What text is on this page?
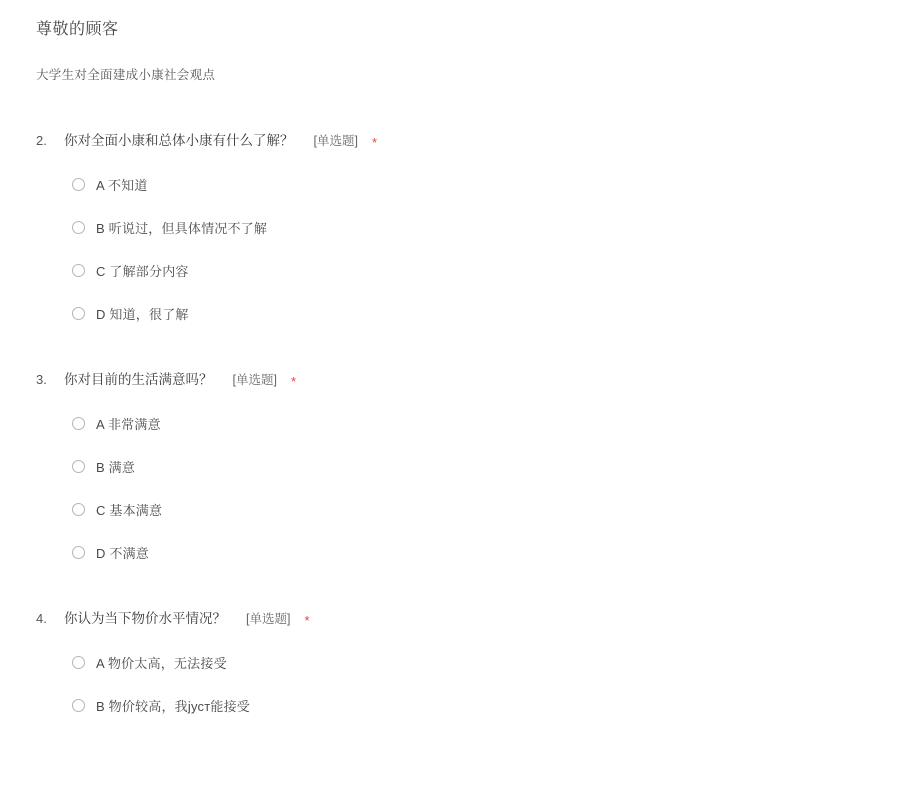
尊敬的顾客
大学生对全面建成小康社会观点
2.	你对全面小康和总体小康有什么了解？ [单选题] *
A 不知道
B 听说过，但具体情况不了解
C 了解部分内容
D 知道，很了解
3.	你对目前的生活满意吗？ [单选题] *
A 非常满意
B 满意
C 基本满意
D 不满意
4.	你认为当下物价水平情况？ [单选题] *
A 物价太高，无法接受
B 物价较高，我јуст能接受
